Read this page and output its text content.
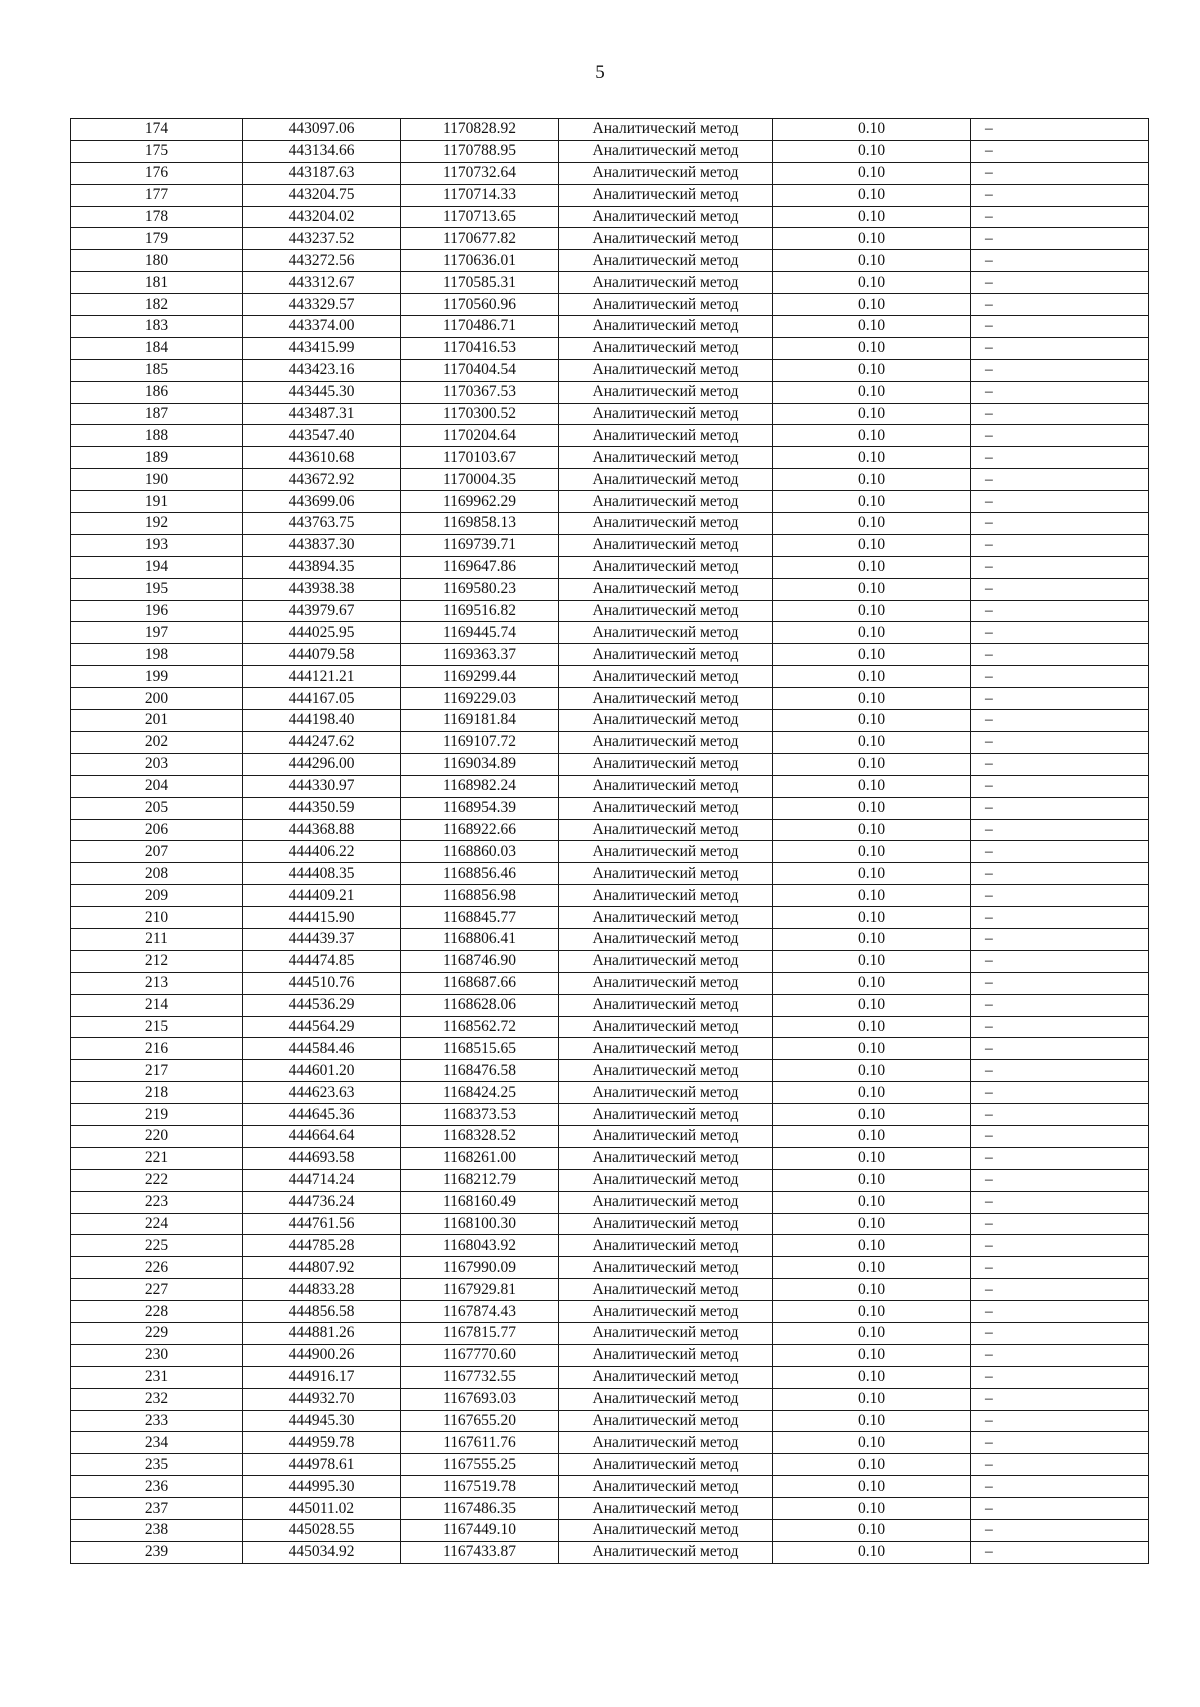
5
174	443097.06	1170828.92	Аналитический метод	0.10	–
175	443134.66	1170788.95	Аналитический метод	0.10	–
176	443187.63	1170732.64	Аналитический метод	0.10	–
177	443204.75	1170714.33	Аналитический метод	0.10	–
178	443204.02	1170713.65	Аналитический метод	0.10	–
179	443237.52	1170677.82	Аналитический метод	0.10	–
180	443272.56	1170636.01	Аналитический метод	0.10	–
181	443312.67	1170585.31	Аналитический метод	0.10	–
182	443329.57	1170560.96	Аналитический метод	0.10	–
183	443374.00	1170486.71	Аналитический метод	0.10	–
184	443415.99	1170416.53	Аналитический метод	0.10	–
185	443423.16	1170404.54	Аналитический метод	0.10	–
186	443445.30	1170367.53	Аналитический метод	0.10	–
187	443487.31	1170300.52	Аналитический метод	0.10	–
188	443547.40	1170204.64	Аналитический метод	0.10	–
189	443610.68	1170103.67	Аналитический метод	0.10	–
190	443672.92	1170004.35	Аналитический метод	0.10	–
191	443699.06	1169962.29	Аналитический метод	0.10	–
192	443763.75	1169858.13	Аналитический метод	0.10	–
193	443837.30	1169739.71	Аналитический метод	0.10	–
194	443894.35	1169647.86	Аналитический метод	0.10	–
195	443938.38	1169580.23	Аналитический метод	0.10	–
196	443979.67	1169516.82	Аналитический метод	0.10	–
197	444025.95	1169445.74	Аналитический метод	0.10	–
198	444079.58	1169363.37	Аналитический метод	0.10	–
199	444121.21	1169299.44	Аналитический метод	0.10	–
200	444167.05	1169229.03	Аналитический метод	0.10	–
201	444198.40	1169181.84	Аналитический метод	0.10	–
202	444247.62	1169107.72	Аналитический метод	0.10	–
203	444296.00	1169034.89	Аналитический метод	0.10	–
204	444330.97	1168982.24	Аналитический метод	0.10	–
205	444350.59	1168954.39	Аналитический метод	0.10	–
206	444368.88	1168922.66	Аналитический метод	0.10	–
207	444406.22	1168860.03	Аналитический метод	0.10	–
208	444408.35	1168856.46	Аналитический метод	0.10	–
209	444409.21	1168856.98	Аналитический метод	0.10	–
210	444415.90	1168845.77	Аналитический метод	0.10	–
211	444439.37	1168806.41	Аналитический метод	0.10	–
212	444474.85	1168746.90	Аналитический метод	0.10	–
213	444510.76	1168687.66	Аналитический метод	0.10	–
214	444536.29	1168628.06	Аналитический метод	0.10	–
215	444564.29	1168562.72	Аналитический метод	0.10	–
216	444584.46	1168515.65	Аналитический метод	0.10	–
217	444601.20	1168476.58	Аналитический метод	0.10	–
218	444623.63	1168424.25	Аналитический метод	0.10	–
219	444645.36	1168373.53	Аналитический метод	0.10	–
220	444664.64	1168328.52	Аналитический метод	0.10	–
221	444693.58	1168261.00	Аналитический метод	0.10	–
222	444714.24	1168212.79	Аналитический метод	0.10	–
223	444736.24	1168160.49	Аналитический метод	0.10	–
224	444761.56	1168100.30	Аналитический метод	0.10	–
225	444785.28	1168043.92	Аналитический метод	0.10	–
226	444807.92	1167990.09	Аналитический метод	0.10	–
227	444833.28	1167929.81	Аналитический метод	0.10	–
228	444856.58	1167874.43	Аналитический метод	0.10	–
229	444881.26	1167815.77	Аналитический метод	0.10	–
230	444900.26	1167770.60	Аналитический метод	0.10	–
231	444916.17	1167732.55	Аналитический метод	0.10	–
232	444932.70	1167693.03	Аналитический метод	0.10	–
233	444945.30	1167655.20	Аналитический метод	0.10	–
234	444959.78	1167611.76	Аналитический метод	0.10	–
235	444978.61	1167555.25	Аналитический метод	0.10	–
236	444995.30	1167519.78	Аналитический метод	0.10	–
237	445011.02	1167486.35	Аналитический метод	0.10	–
238	445028.55	1167449.10	Аналитический метод	0.10	–
239	445034.92	1167433.87	Аналитический метод	0.10	–
